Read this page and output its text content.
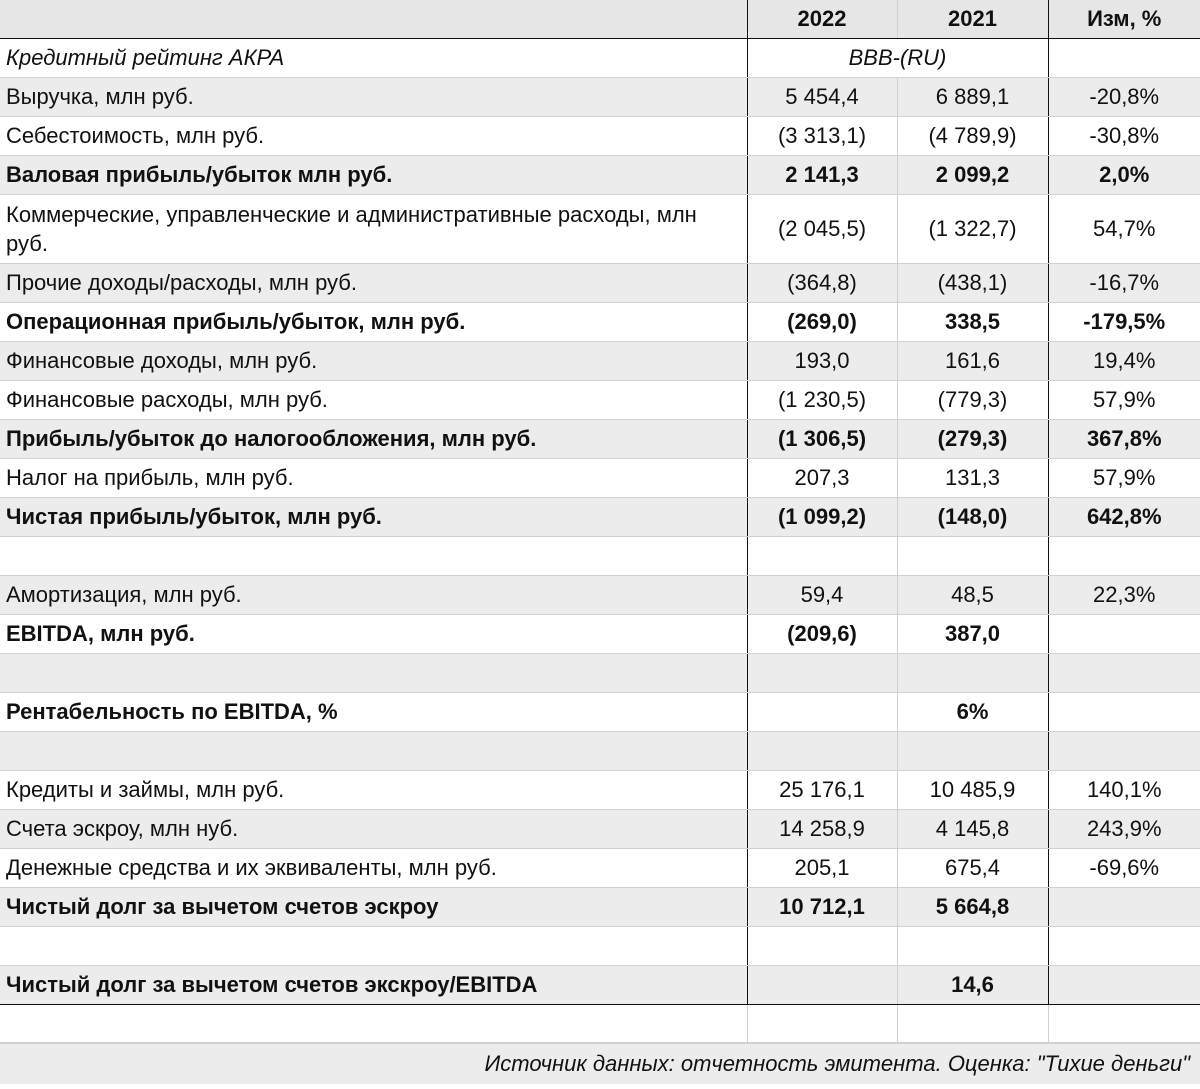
	2022	2021	Изм, %
Кредитный рейтинг АКРА	BBB-(RU)		
Выручка, млн руб.	5 454,4	6 889,1	-20,8%
Себестоимость, млн руб.	(3 313,1)	(4 789,9)	-30,8%
Валовая прибыль/убыток млн руб.	2 141,3	2 099,2	2,0%
Коммерческие, управленческие и административные расходы, млн руб.	(2 045,5)	(1 322,7)	54,7%
Прочие доходы/расходы, млн руб.	(364,8)	(438,1)	-16,7%
Операционная прибыль/убыток, млн руб.	(269,0)	338,5	-179,5%
Финансовые доходы, млн руб.	193,0	161,6	19,4%
Финансовые расходы, млн руб.	(1 230,5)	(779,3)	57,9%
Прибыль/убыток до налогообложения, млн руб.	(1 306,5)	(279,3)	367,8%
Налог на прибыль, млн руб.	207,3	131,3	57,9%
Чистая прибыль/убыток, млн руб.	(1 099,2)	(148,0)	642,8%

Амортизация, млн руб.	59,4	48,5	22,3%
EBITDA, млн руб.	(209,6)	387,0	

Рентабельность по EBITDA, %		6%	

Кредиты и займы, млн руб.	25 176,1	10 485,9	140,1%
Счета эскроу, млн нуб.	14 258,9	4 145,8	243,9%
Денежные средства и их эквиваленты, млн руб.	205,1	675,4	-69,6%
Чистый долг за вычетом счетов эскроу	10 712,1	5 664,8	

Чистый долг за вычетом счетов экскроу/EBITDA		14,6	

Источник данных: отчетность эмитента. Оценка: "Тихие деньги"
